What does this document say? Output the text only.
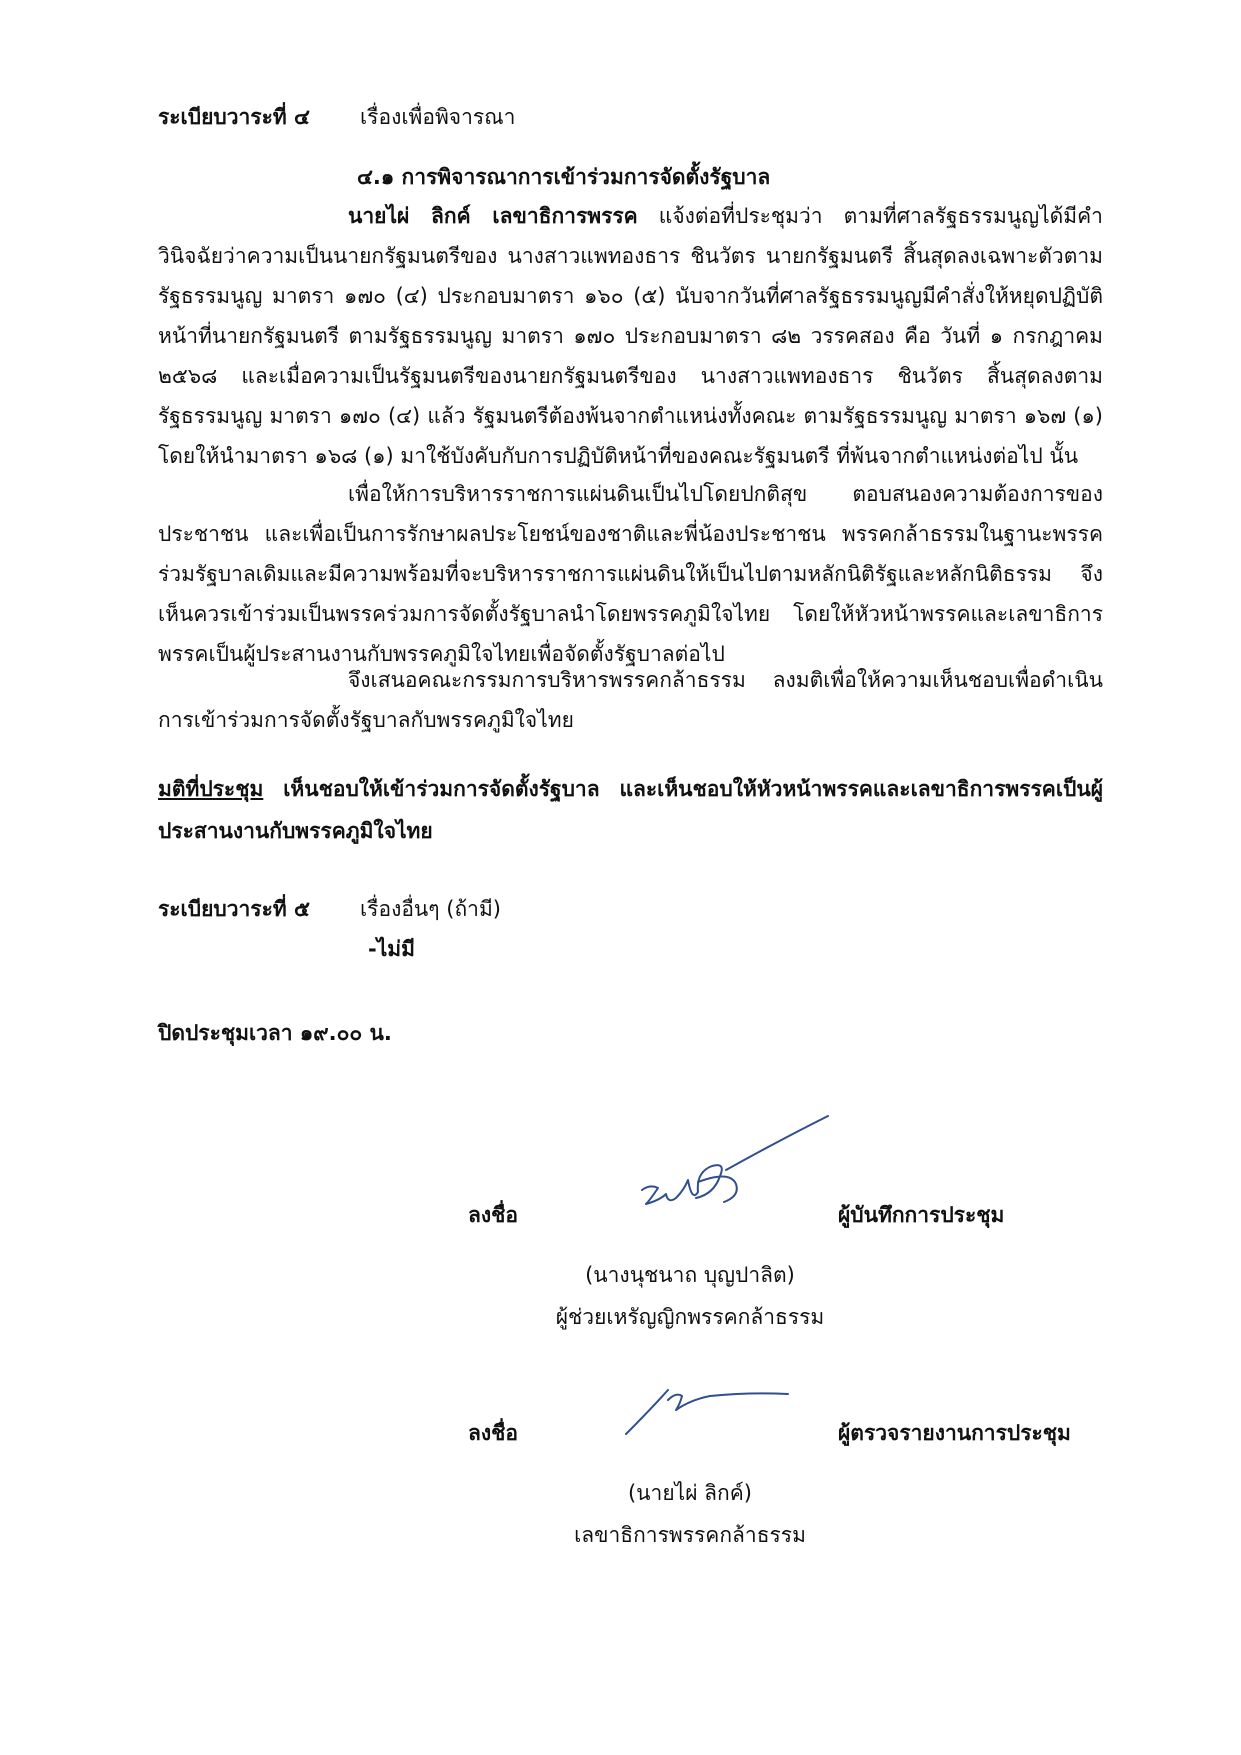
ระเบียบวาระที่ ๔ เรื่องเพื่อพิจารณา

๔.๑ การพิจารณาการเข้าร่วมการจัดตั้งรัฐบาล

นายไผ่ ลิกค์ เลขาธิการพรรค แจ้งต่อที่ประชุมว่า ตามที่ศาลรัฐธรรมนูญได้มีคำวินิจฉัยว่าความเป็นนายกรัฐมนตรีของ นางสาวแพทองธาร ชินวัตร นายกรัฐมนตรี สิ้นสุดลงเฉพาะตัวตามรัฐธรรมนูญ มาตรา ๑๗๐ (๔) ประกอบมาตรา ๑๖๐ (๕) นับจากวันที่ศาลรัฐธรรมนูญมีคำสั่งให้หยุดปฏิบัติหน้าที่นายกรัฐมนตรี ตามรัฐธรรมนูญ มาตรา ๑๗๐ ประกอบมาตรา ๘๒ วรรคสอง คือ วันที่ ๑ กรกฎาคม ๒๕๖๘ และเมื่อความเป็นรัฐมนตรีของนายกรัฐมนตรีของ นางสาวแพทองธาร ชินวัตร สิ้นสุดลงตามรัฐธรรมนูญ มาตรา ๑๗๐ (๔) แล้ว รัฐมนตรีต้องพ้นจากตำแหน่งทั้งคณะ ตามรัฐธรรมนูญ มาตรา ๑๖๗ (๑) โดยให้นำมาตรา ๑๖๘ (๑) มาใช้บังคับกับการปฏิบัติหน้าที่ของคณะรัฐมนตรี ที่พ้นจากตำแหน่งต่อไป นั้น

เพื่อให้การบริหารราชการแผ่นดินเป็นไปโดยปกติสุข ตอบสนองความต้องการของประชาชน และเพื่อเป็นการรักษาผลประโยชน์ของชาติและพี่น้องประชาชน พรรคกล้าธรรมในฐานะพรรคร่วมรัฐบาลเดิมและมีความพร้อมที่จะบริหารราชการแผ่นดินให้เป็นไปตามหลักนิติรัฐและหลักนิติธรรม จึงเห็นควรเข้าร่วมเป็นพรรคร่วมการจัดตั้งรัฐบาลนำโดยพรรคภูมิใจไทย โดยให้หัวหน้าพรรคและเลขาธิการพรรคเป็นผู้ประสานงานกับพรรคภูมิใจไทยเพื่อจัดตั้งรัฐบาลต่อไป

จึงเสนอคณะกรรมการบริหารพรรคกล้าธรรม ลงมติเพื่อให้ความเห็นชอบเพื่อดำเนินการเข้าร่วมการจัดตั้งรัฐบาลกับพรรคภูมิใจไทย

มติที่ประชุม เห็นชอบให้เข้าร่วมการจัดตั้งรัฐบาล และเห็นชอบให้หัวหน้าพรรคและเลขาธิการพรรคเป็นผู้ประสานงานกับพรรคภูมิใจไทย

ระเบียบวาระที่ ๕ เรื่องอื่นๆ (ถ้ามี)

-ไม่มี

ปิดประชุมเวลา ๑๙.๐๐ น.

ลงชื่อ	ผู้บันทึกการประชุม

(นางนุชนาถ บุญปาลิต)

ผู้ช่วยเหรัญญิกพรรคกล้าธรรม

ลงชื่อ	ผู้ตรวจรายงานการประชุม

(นายไผ่ ลิกค์)

เลขาธิการพรรคกล้าธรรม
